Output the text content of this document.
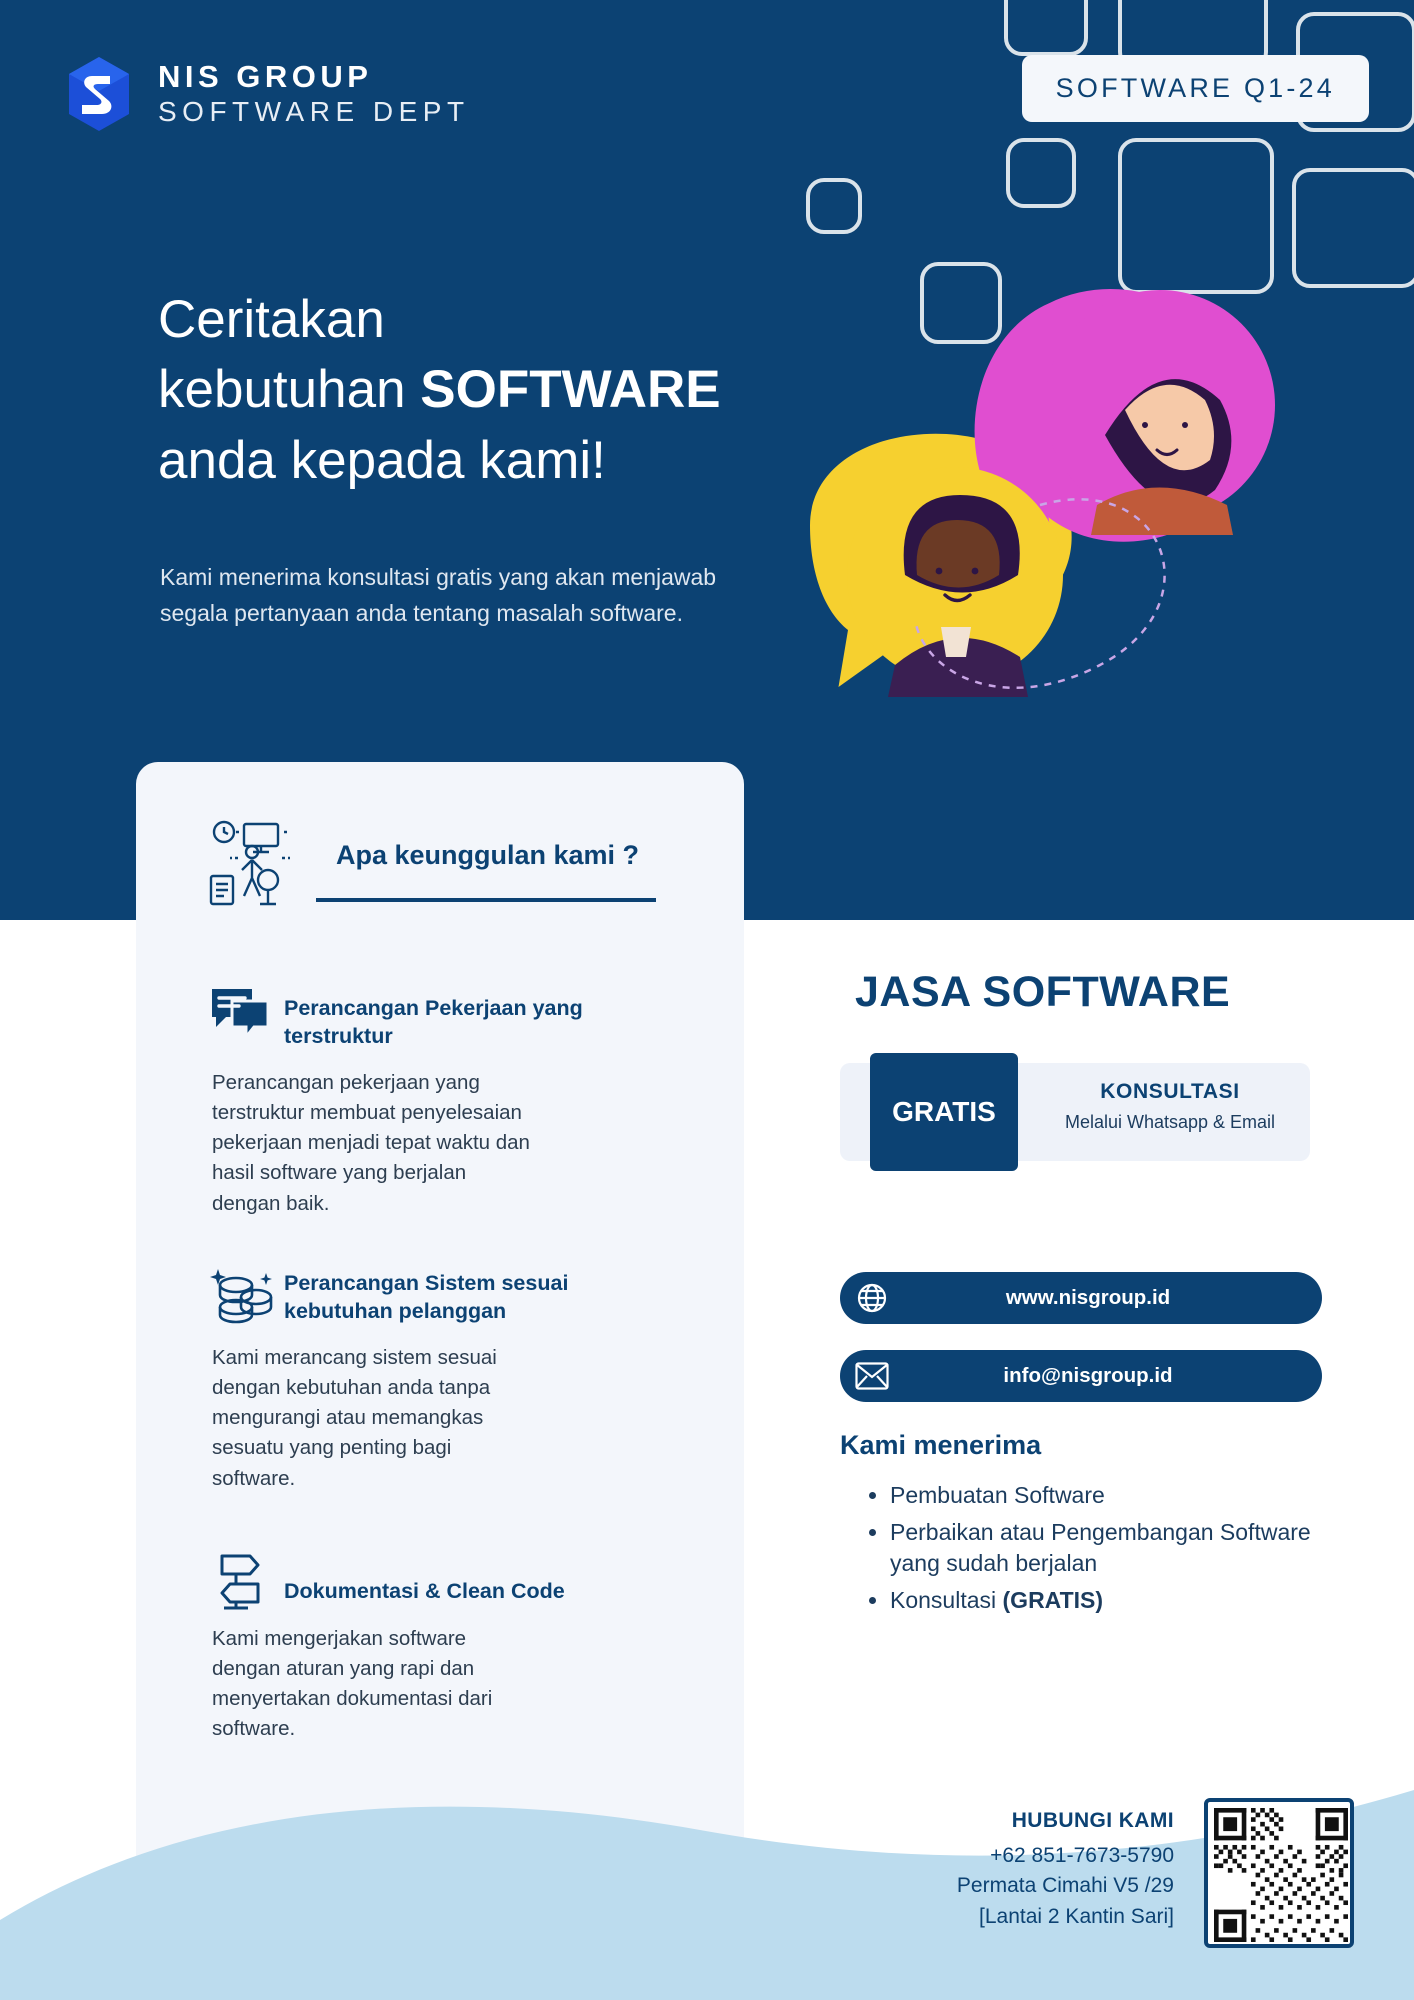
NIS GROUP
SOFTWARE DEPT
SOFTWARE Q1-24
Ceritakan
kebutuhan SOFTWARE
anda kepada kami!
Kami menerima konsultasi gratis yang akan menjawab segala pertanyaan anda tentang masalah software.
Apa keunggulan kami ?
Perancangan Pekerjaan yang terstruktur
Perancangan pekerjaan yang terstruktur membuat penyelesaian pekerjaan menjadi tepat waktu dan hasil software yang berjalan dengan baik.
Perancangan Sistem sesuai kebutuhan pelanggan
Kami merancang sistem sesuai dengan kebutuhan anda tanpa mengurangi atau memangkas sesuatu yang penting bagi software.
Dokumentasi & Clean Code
Kami mengerjakan software dengan aturan yang rapi dan menyertakan dokumentasi dari software.
JASA SOFTWARE
GRATIS
KONSULTASI
Melalui Whatsapp & Email
www.nisgroup.id
info@nisgroup.id
Kami menerima
• Pembuatan Software
• Perbaikan atau Pengembangan Software yang sudah berjalan
• Konsultasi (GRATIS)
HUBUNGI KAMI
+62 851-7673-5790
Permata Cimahi V5 /29
[Lantai 2 Kantin Sari]
